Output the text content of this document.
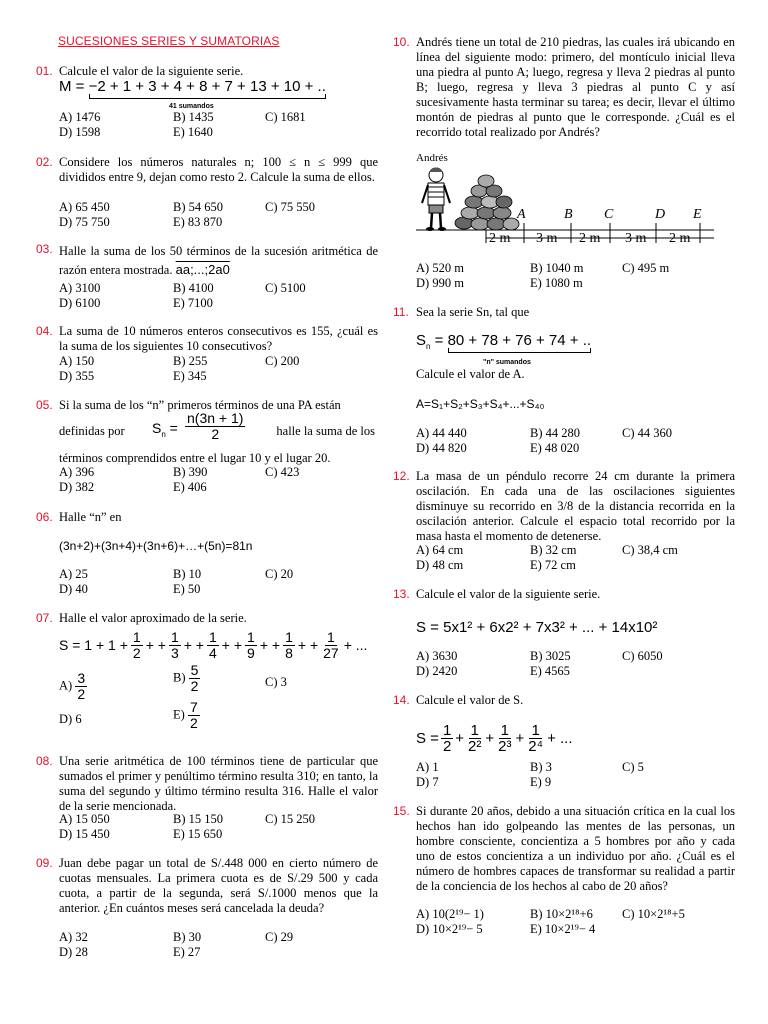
SUCESIONES SERIES Y SUMATORIAS
01. Calcule el valor de la siguiente serie.
M = −2 + 1 + 3 + 4 + 8 + 7 + 13 + 10 + ..
41 sumandos
A) 1476	B) 1435	C) 1681
D) 1598	E) 1640
02. Considere los números naturales n; 100 ≤ n ≤ 999 que divididos entre 9, dejan como resto 2. Calcule la suma de ellos.
A) 65 450	B) 54 650	C) 75 550
D) 75 750	E) 83 870
03. Halle la suma de los 50 términos de la sucesión aritmética de razón entera mostrada. aa;...;2a0
A) 3100	B) 4100	C) 5100
D) 6100	E) 7100
04. La suma de 10 números enteros consecutivos es 155, ¿cuál es la suma de los siguientes 10 consecutivos?
A) 150	B) 255	C) 200
D) 355	E) 345
05. Si la suma de los “n” primeros términos de una PA están
definidas por $S_n = \frac{n(3n + 1)}{2}$ halle la suma de los
términos comprendidos entre el lugar 10 y el lugar 20.
A) 396	B) 390	C) 423
D) 382	E) 406
06. Halle “n” en
(3n+2)+(3n+4)+(3n+6)+…+(5n)=81n
A) 25	B) 10	C) 20
D) 40	E) 50
07. Halle el valor aproximado de la serie.
$S = 1 + 1 + \frac{1}{2}$ + + $\frac{1}{3}$ + + $\frac{1}{4}$ + + $\frac{1}{9}$ + + $\frac{1}{8}$ + + $\frac{1}{27}$ + ...
$A) \frac{3}{2}$	$B) \frac{5}{2}$	C) 3
D) 6	$E) \frac{7}{2}$
08. Una serie aritmética de 100 términos tiene de particular que sumados el primer y penúltimo término resulta 310; en tanto, la suma del segundo y último término resulta 316. Halle el valor de la serie mencionada.
A) 15 050	B) 15 150	C) 15 250
D) 15 450	E) 15 650
09. Juan debe pagar un total de S/.448 000 en cierto número de cuotas mensuales. La primera cuota es de S/.29 500 y cada cuota, a partir de la segunda, será S/.1000 menos que la anterior. ¿En cuántos meses será cancelada la deuda?
A) 32	B) 30	C) 29
D) 28	E) 27
10. Andrés tiene un total de 210 piedras, las cuales irá ubicando en línea del siguiente modo: primero, del montículo inicial lleva una piedra al punto A; luego, regresa y lleva 2 piedras al punto B; luego, regresa y lleva 3 piedras al punto C y así sucesivamente hasta terminar su tarea; es decir, llevar el último montón de piedras al punto que le corresponde. ¿Cuál es el recorrido total realizado por Andrés?
Andrés
A	B C	D E
2 m 3 m 2 m 3 m 2 m
A) 520 m	B) 1040 m	C) 495 m
D) 990 m	E) 1080 m
11. Sea la serie Sn, tal que
$S_n = 80 + 78 + 76 + 74$ + ..
"n" sumandos
Calcule el valor de A.
A=S₁+S₂+S₃+S₄+...+S₄₀
A) 44 440	B) 44 280	C) 44 360
D) 44 820	E) 48 020
12. La masa de un péndulo recorre 24 cm durante la primera oscilación. En cada una de las oscilaciones siguientes disminuye su recorrido en 3/8 de la distancia recorrida en la oscilación anterior. Calcule el espacio total recorrido por la masa hasta el momento de detenerse.
A) 64 cm	B) 32 cm	C) 38,4 cm
D) 48 cm	E) 72 cm
13. Calcule el valor de la siguiente serie.
S = 5x1² + 6x2² + 7x3² + ... + 14x10²
A) 3630	B) 3025	C) 6050
D) 2420	E) 4565
14. Calcule el valor de S.
$S = \frac{1}{2} + \frac{1}{\text{2²}} + \frac{1}{\text{2³}} + \frac{1}{\text{2⁴}}$ + ...
A) 1	B) 3	C) 5
D) 7	E) 9
15. Si durante 20 años, debido a una situación crítica en la cual los hechos han ido golpeando las mentes de las personas, un hombre consciente, concientiza a 5 hombres por año y cada uno de estos concientiza a un individuo por año. ¿Cuál es el número de hombres capaces de transformar su realidad a partir de la conciencia de los hechos al cabo de 20 años?
A) 10(2¹⁹− 1)	B) 10×2¹⁸+6 C) 10×2¹⁸+5
D) 10×2¹⁹− 5	E) 10×2¹⁹− 4
